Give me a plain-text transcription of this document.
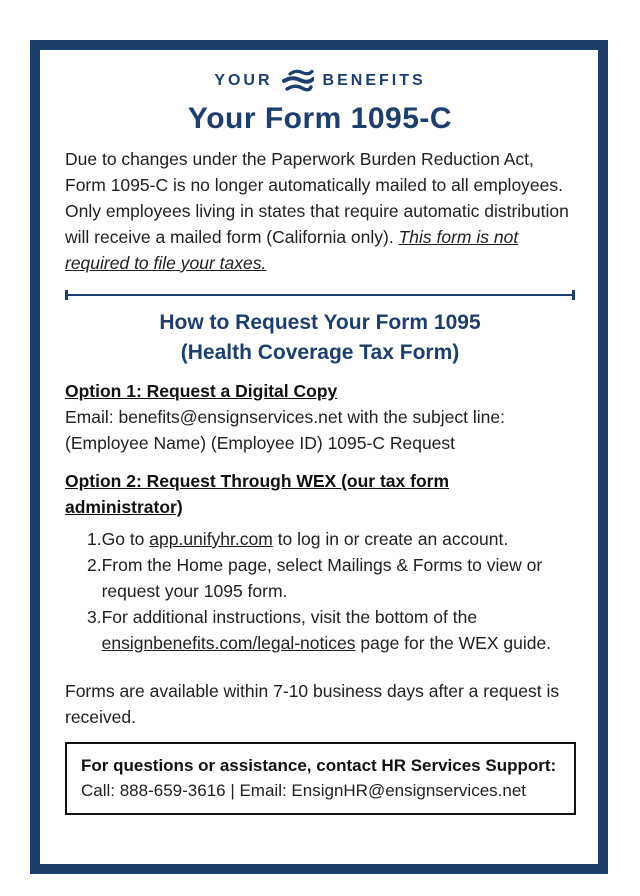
YOUR	BENEFITS
Your Form 1095-C

Due to changes under the Paperwork Burden Reduction Act, Form 1095-C is no longer automatically mailed to all employees. Only employees living in states that require automatic distribution will receive a mailed form (California only). This form is not required to file your taxes.

How to Request Your Form 1095
(Health Coverage Tax Form)
Option 1: Request a Digital Copy
Email: benefits@ensignservices.net with the subject line:
(Employee Name) (Employee ID) 1095-C Request
Option 2: Request Through WEX (our tax form administrator)
1. Go to app.unifyhr.com to log in or create an account.
2. From the Home page, select Mailings & Forms to view or request your 1095 form.
3. For additional instructions, visit the bottom of the ensignbenefits.com/legal-notices page for the WEX guide.

Forms are available within 7-10 business days after a request is received.

For questions or assistance, contact HR Services Support:
Call: 888-659-3616 | Email: EnsignHR@ensignservices.net
